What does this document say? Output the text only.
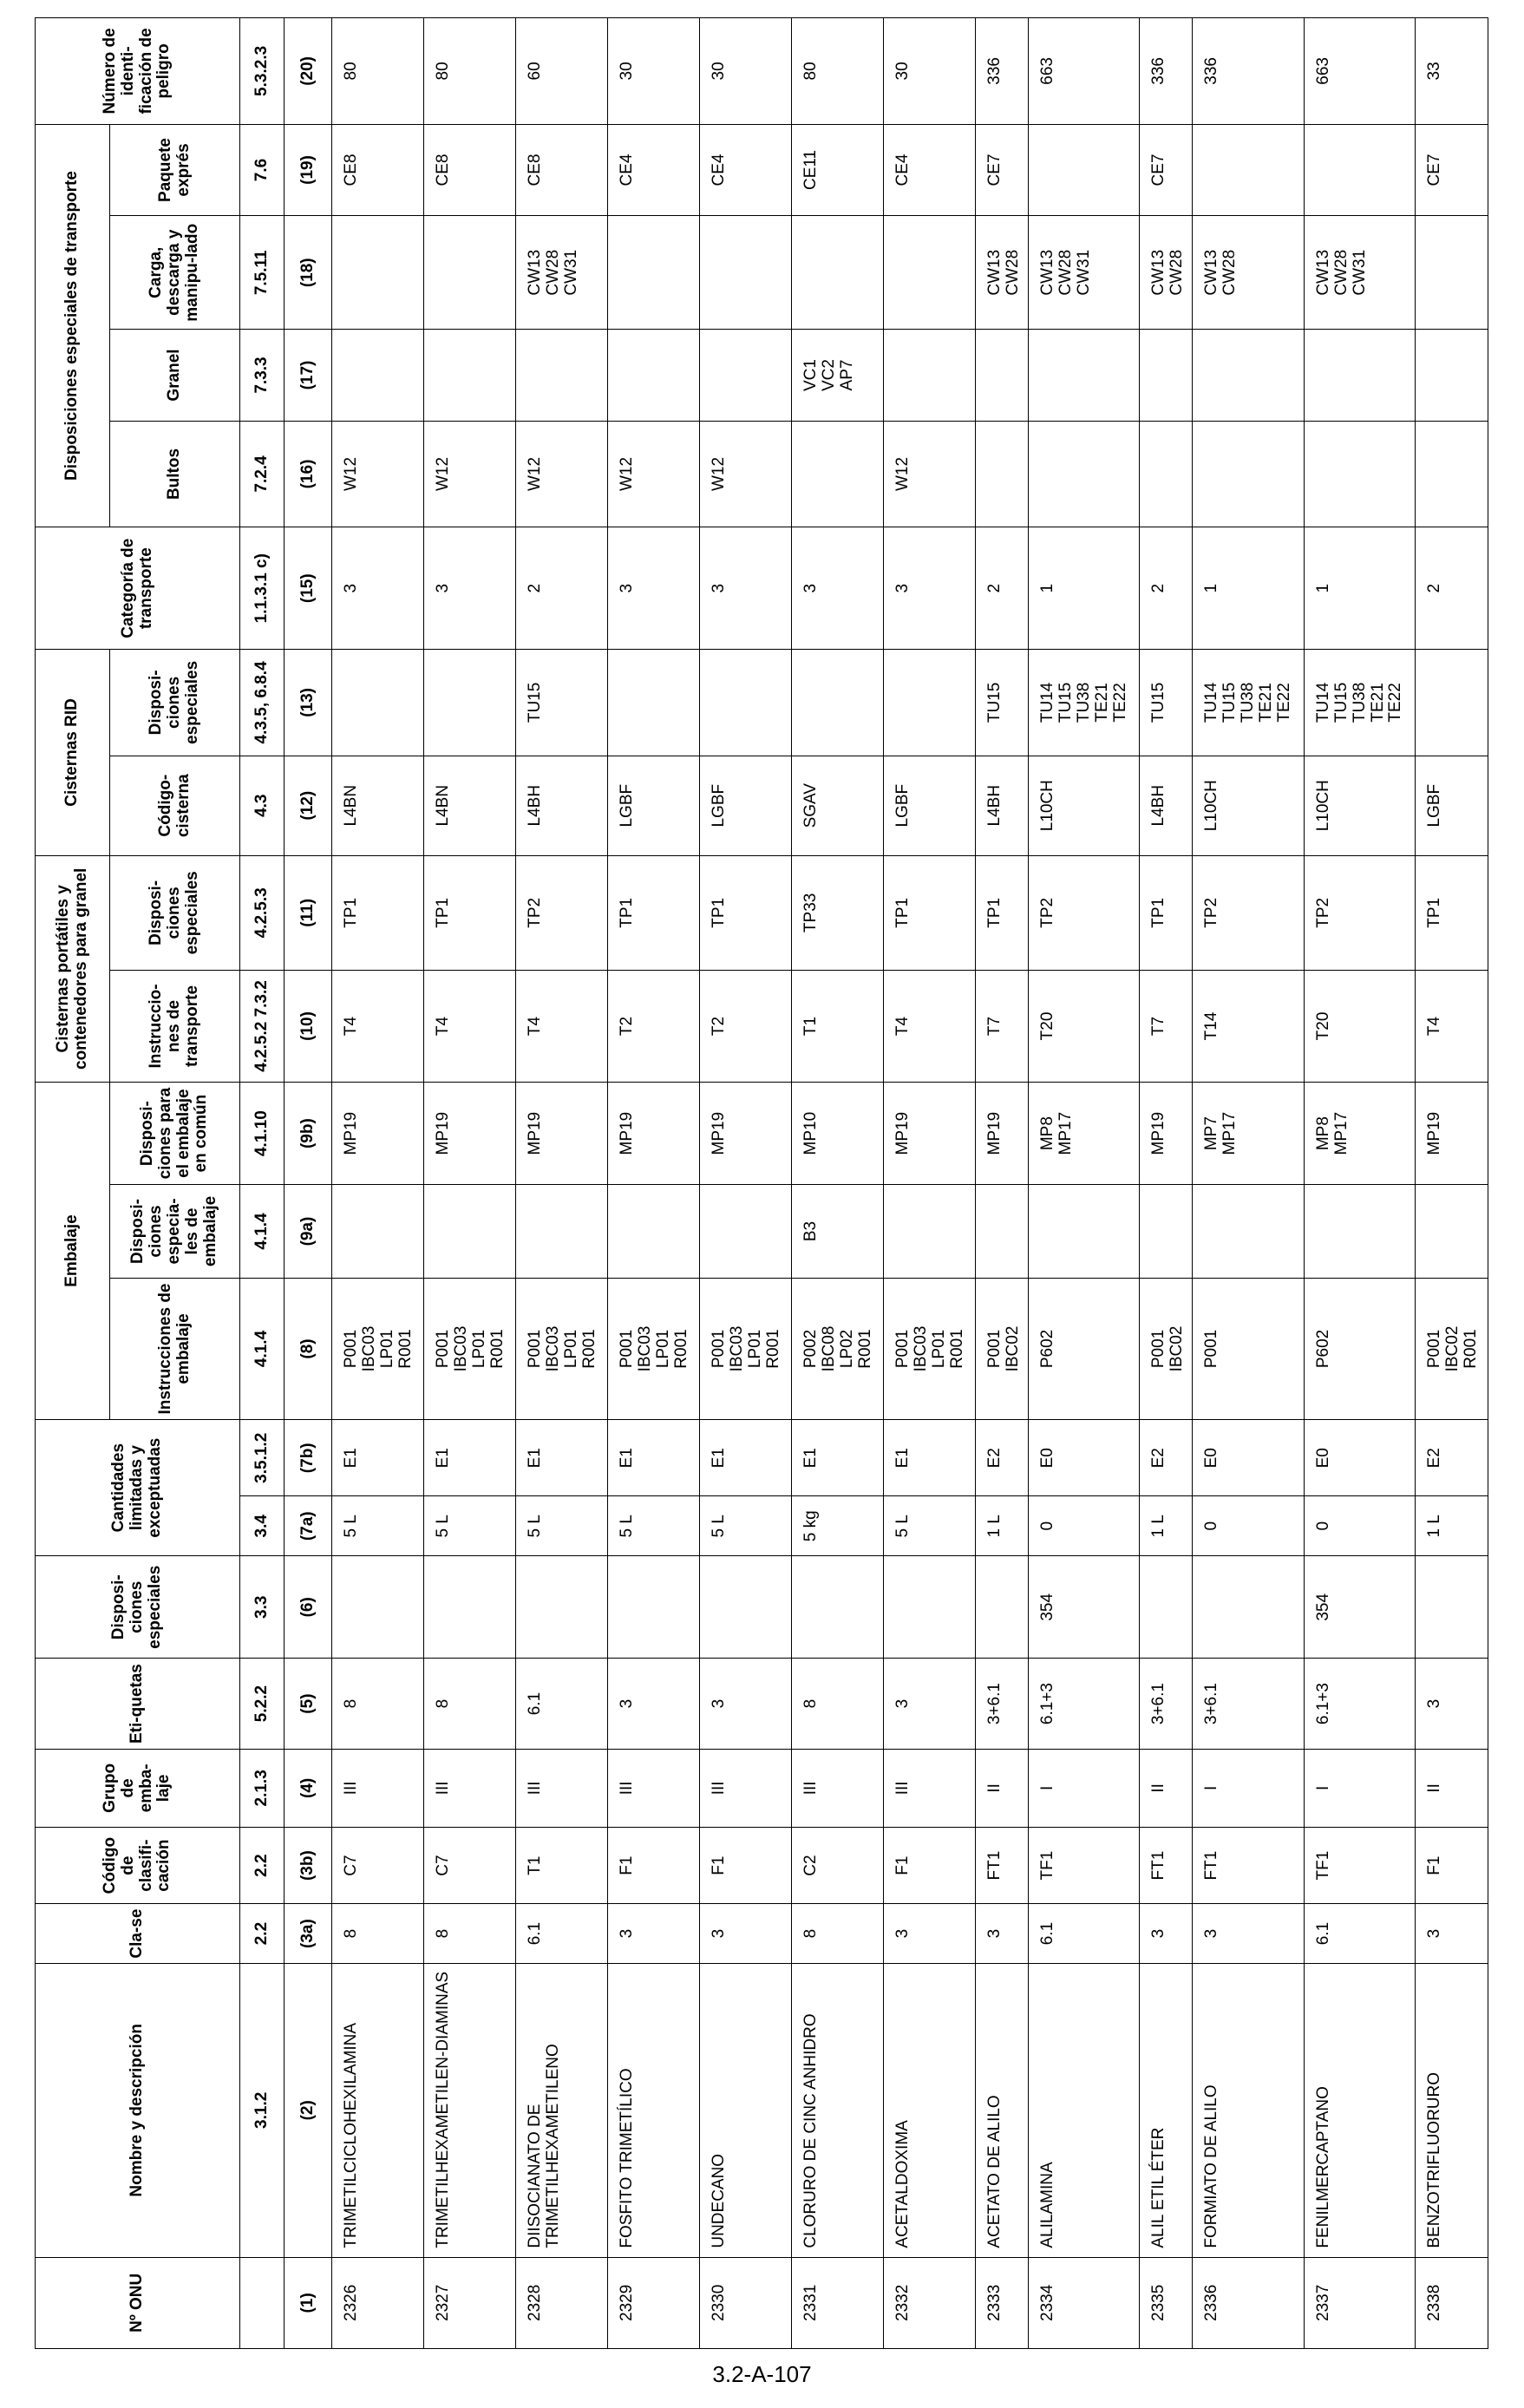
Nº ONU	Nombre y descripción	Cla-se	Código de clasifi-cación	Grupo de emba-laje	Eti-quetas	Disposi-ciones especiales	Cantidades limitadas y exceptuadas		Embalaje			Cisternas portátiles y contenedores para granel		Cisternas RID		Categoría de transporte	Disposiciones especiales de transporte				Número de identi-ficación de peligro
									Instrucciones de embalaje	Disposi-ciones especia-les de embalaje	Disposi-ciones para el embalaje en común	Instruccio-nes de transporte	Disposi-ciones especiales	Código-cisterna	Disposi-ciones especiales		Bultos	Granel	Carga, descarga y manipu-lado	Paquete exprés	

	3.1.2	2.2	2.2	2.1.3	5.2.2	3.3	3.4	3.5.1.2	4.1.4	4.1.4	4.1.10	4.2.5.2 7.3.2	4.2.5.3	4.3	4.3.5, 6.8.4	1.1.3.1 c)	7.2.4	7.3.3	7.5.11	7.6	5.3.2.3
(1)	(2)	(3a)	(3b)	(4)	(5)	(6)	(7a)	(7b)	(8)	(9a)	(9b)	(10)	(11)	(12)	(13)	(15)	(16)	(17)	(18)	(19)	(20)
2326	TRIMETILCICLOHEXILAMINA	8	C7	III	8		5 L	E1	P001
IBC03
LP01
R001		MP19	T4	TP1	L4BN		3	W12			CE8	80
2327	TRIMETILHEXAMETILEN-DIAMINAS	8	C7	III	8		5 L	E1	P001
IBC03
LP01
R001		MP19	T4	TP1	L4BN		3	W12			CE8	80
2328	DIISOCIANATO DE TRIMETILHEXAMETILENO	6.1	T1	III	6.1		5 L	E1	P001
IBC03
LP01
R001		MP19	T4	TP2	L4BH	TU15	2	W12		CW13
CW28
CW31	CE8	60
2329	FOSFITO TRIMETÍLICO	3	F1	III	3		5 L	E1	P001
IBC03
LP01
R001		MP19	T2	TP1	LGBF		3	W12			CE4	30
2330	UNDECANO	3	F1	III	3		5 L	E1	P001
IBC03
LP01
R001		MP19	T2	TP1	LGBF		3	W12			CE4	30
2331	CLORURO DE CINC ANHIDRO	8	C2	III	8		5 kg	E1	P002
IBC08
LP02
R001	B3	MP10	T1	TP33	SGAV		3		VC1
VC2
AP7		CE11	80
2332	ACETALDOXIMA	3	F1	III	3		5 L	E1	P001
IBC03
LP01
R001		MP19	T4	TP1	LGBF		3	W12			CE4	30
2333	ACETATO DE ALILO	3	FT1	II	3+6.1		1 L	E2	P001
IBC02		MP19	T7	TP1	L4BH	TU15	2			CW13
CW28	CE7	336
2334	ALILAMINA	6.1	TF1	I	6.1+3	354	0	E0	P602		MP8
MP17	T20	TP2	L10CH	TU14
TU15
TU38
TE21
TE22	1			CW13
CW28
CW31		663
2335	ALIL ETIL ÉTER	3	FT1	II	3+6.1		1 L	E2	P001
IBC02		MP19	T7	TP1	L4BH	TU15	2			CW13
CW28	CE7	336
2336	FORMIATO DE ALILO	3	FT1	I	3+6.1		0	E0	P001		MP7
MP17	T14	TP2	L10CH	TU14
TU15
TU38
TE21
TE22	1			CW13
CW28		336
2337	FENILMERCAPTANO	6.1	TF1	I	6.1+3	354	0	E0	P602		MP8
MP17	T20	TP2	L10CH	TU14
TU15
TU38
TE21
TE22	1			CW13
CW28
CW31		663
2338	BENZOTRIFLUORURO	3	F1	II	3		1 L	E2	P001
IBC02
R001		MP19	T4	TP1	LGBF		2				CE7	33
3.2-A-107
